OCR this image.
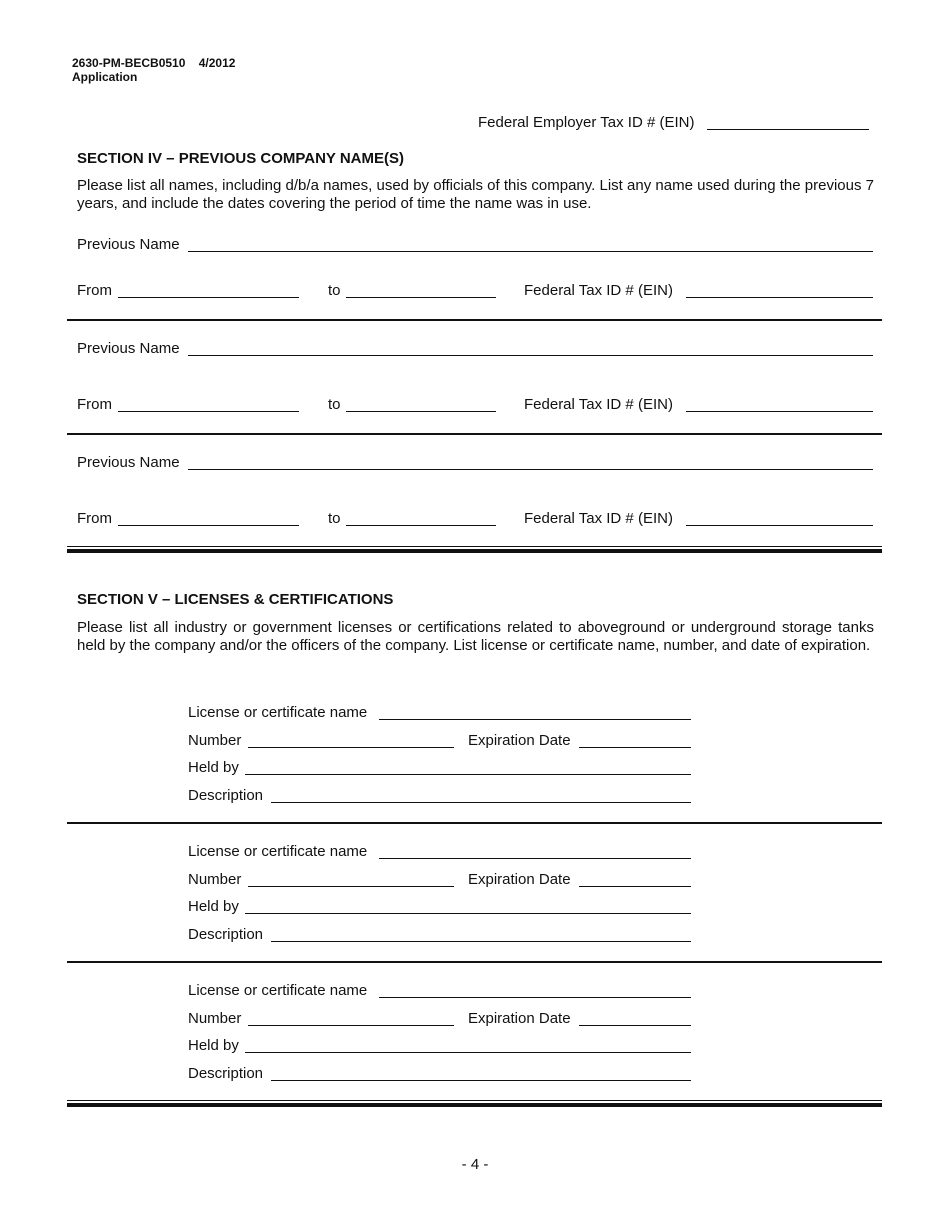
2630-PM-BECB0510 4/2012
Application
Federal Employer Tax ID # (EIN)
SECTION IV – PREVIOUS COMPANY NAME(S)
Please list all names, including d/b/a names, used by officials of this company. List any name used during the previous 7 years, and include the dates covering the period of time the name was in use.
Previous Name
From	to	Federal Tax ID # (EIN)
Previous Name
From	to	Federal Tax ID # (EIN)
Previous Name
From	to	Federal Tax ID # (EIN)
SECTION V – LICENSES & CERTIFICATIONS
Please list all industry or government licenses or certifications related to aboveground or underground storage tanks held by the company and/or the officers of the company. List license or certificate name, number, and date of expiration.
License or certificate name
Number	Expiration Date
Held by
Description
License or certificate name
Number	Expiration Date
Held by
Description
License or certificate name
Number	Expiration Date
Held by
Description
- 4 -
